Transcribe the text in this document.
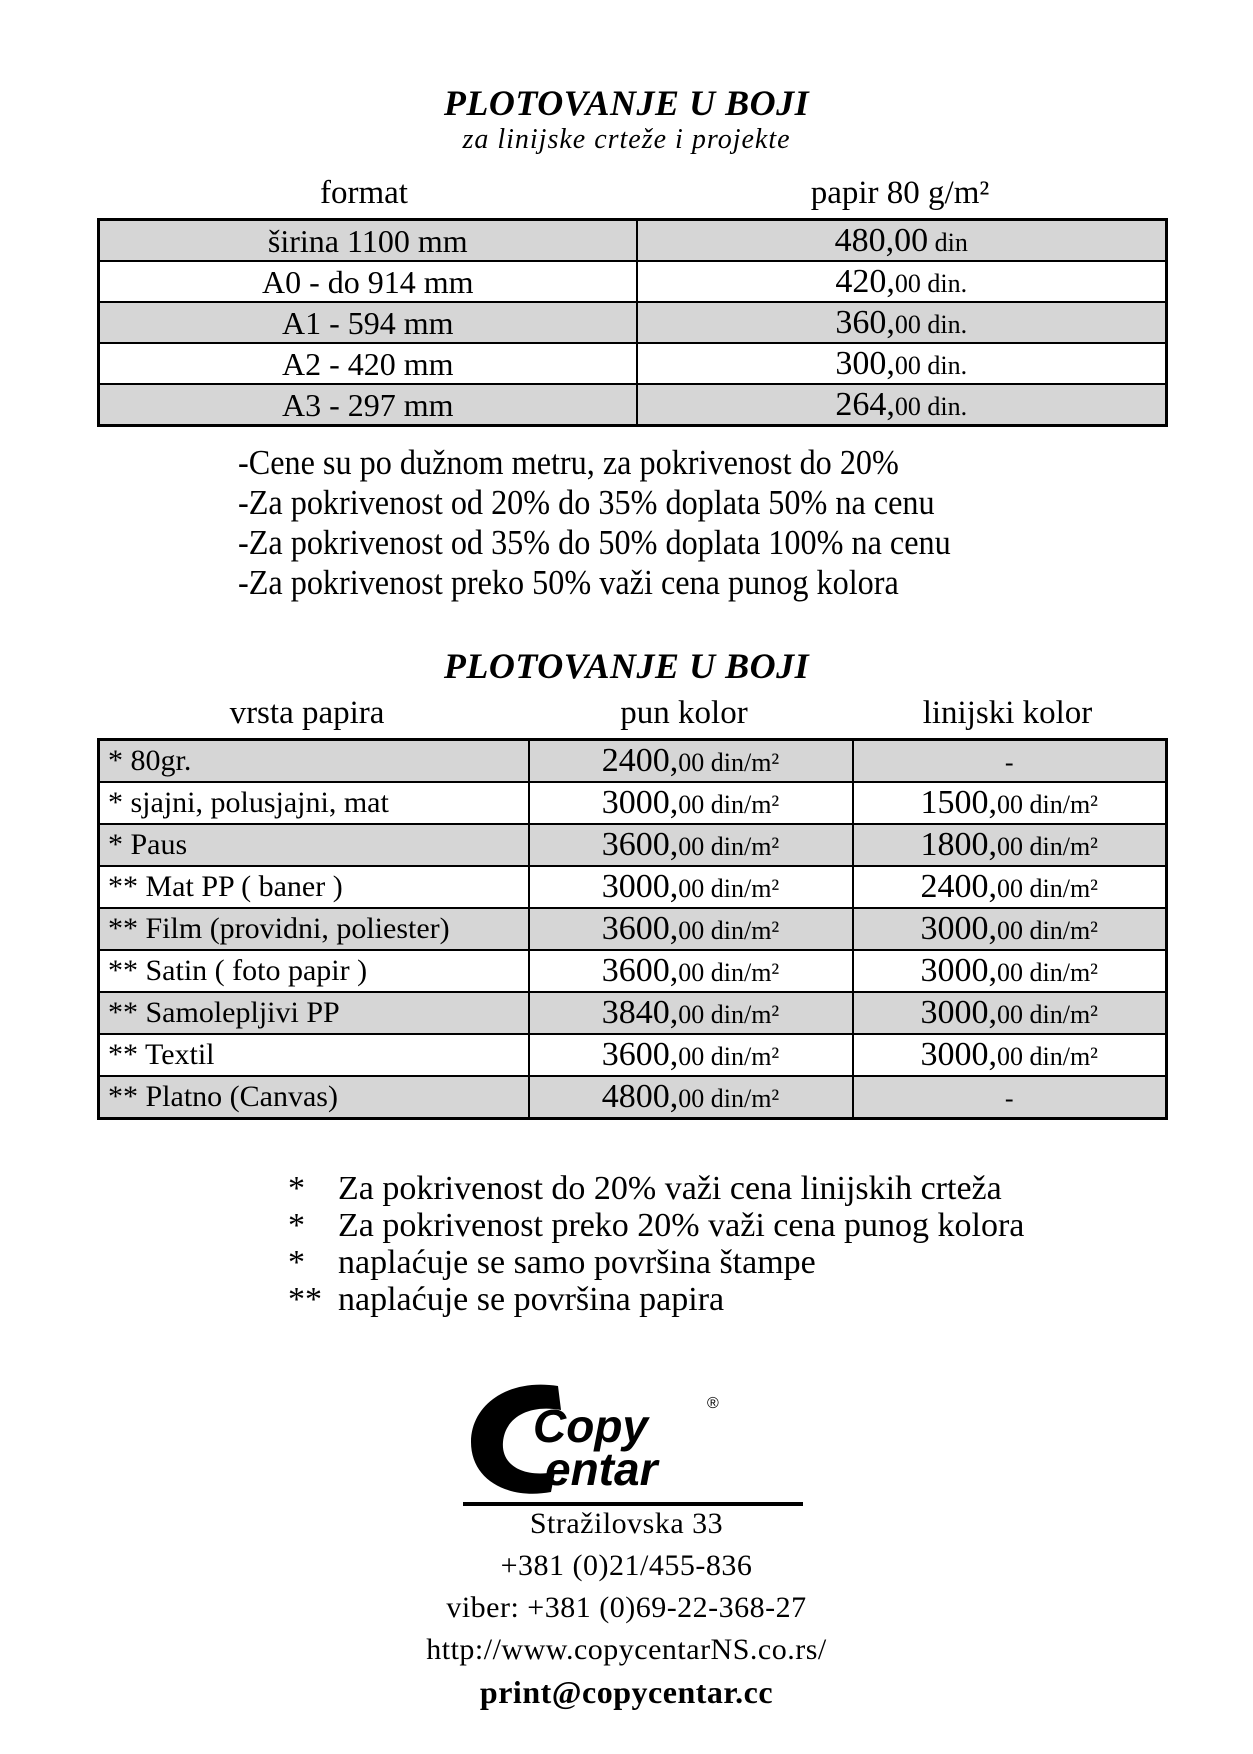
PLOTOVANJE U BOJI
za linijske crteže i projekte
format	papir 80 g/m²
širina 1100 mm	480,00 din
A0 - do 914 mm	420,00 din.
A1 - 594 mm	360,00 din.
A2 - 420 mm	300,00 din.
A3 - 297 mm	264,00 din.
-Cene su po dužnom metru, za pokrivenost do 20%
-Za pokrivenost od 20% do 35% doplata 50% na cenu
-Za pokrivenost od 35% do 50% doplata 100% na cenu
-Za pokrivenost preko 50% važi cena punog kolora
PLOTOVANJE U BOJI
vrsta papira	pun kolor	linijski kolor
* 80gr.	2400,00 din/m²	-
* sjajni, polusjajni, mat	3000,00 din/m²	1500,00 din/m²
* Paus	3600,00 din/m²	1800,00 din/m²
** Mat PP ( baner )	3000,00 din/m²	2400,00 din/m²
** Film (providni, poliester)	3600,00 din/m²	3000,00 din/m²
** Satin ( foto papir )	3600,00 din/m²	3000,00 din/m²
** Samolepljivi PP	3840,00 din/m²	3000,00 din/m²
** Textil	3600,00 din/m²	3000,00 din/m²
** Platno (Canvas)	4800,00 din/m²	-
* Za pokrivenost do 20% važi cena linijskih crteža
* Za pokrivenost preko 20% važi cena punog kolora
* naplaćuje se samo površina štampe
** naplaćuje se površina papira
Copy
entar
®
Stražilovska 33
+381 (0)21/455-836
viber: +381 (0)69-22-368-27
http://www.copycentarNS.co.rs/
print@copycentar.cc
